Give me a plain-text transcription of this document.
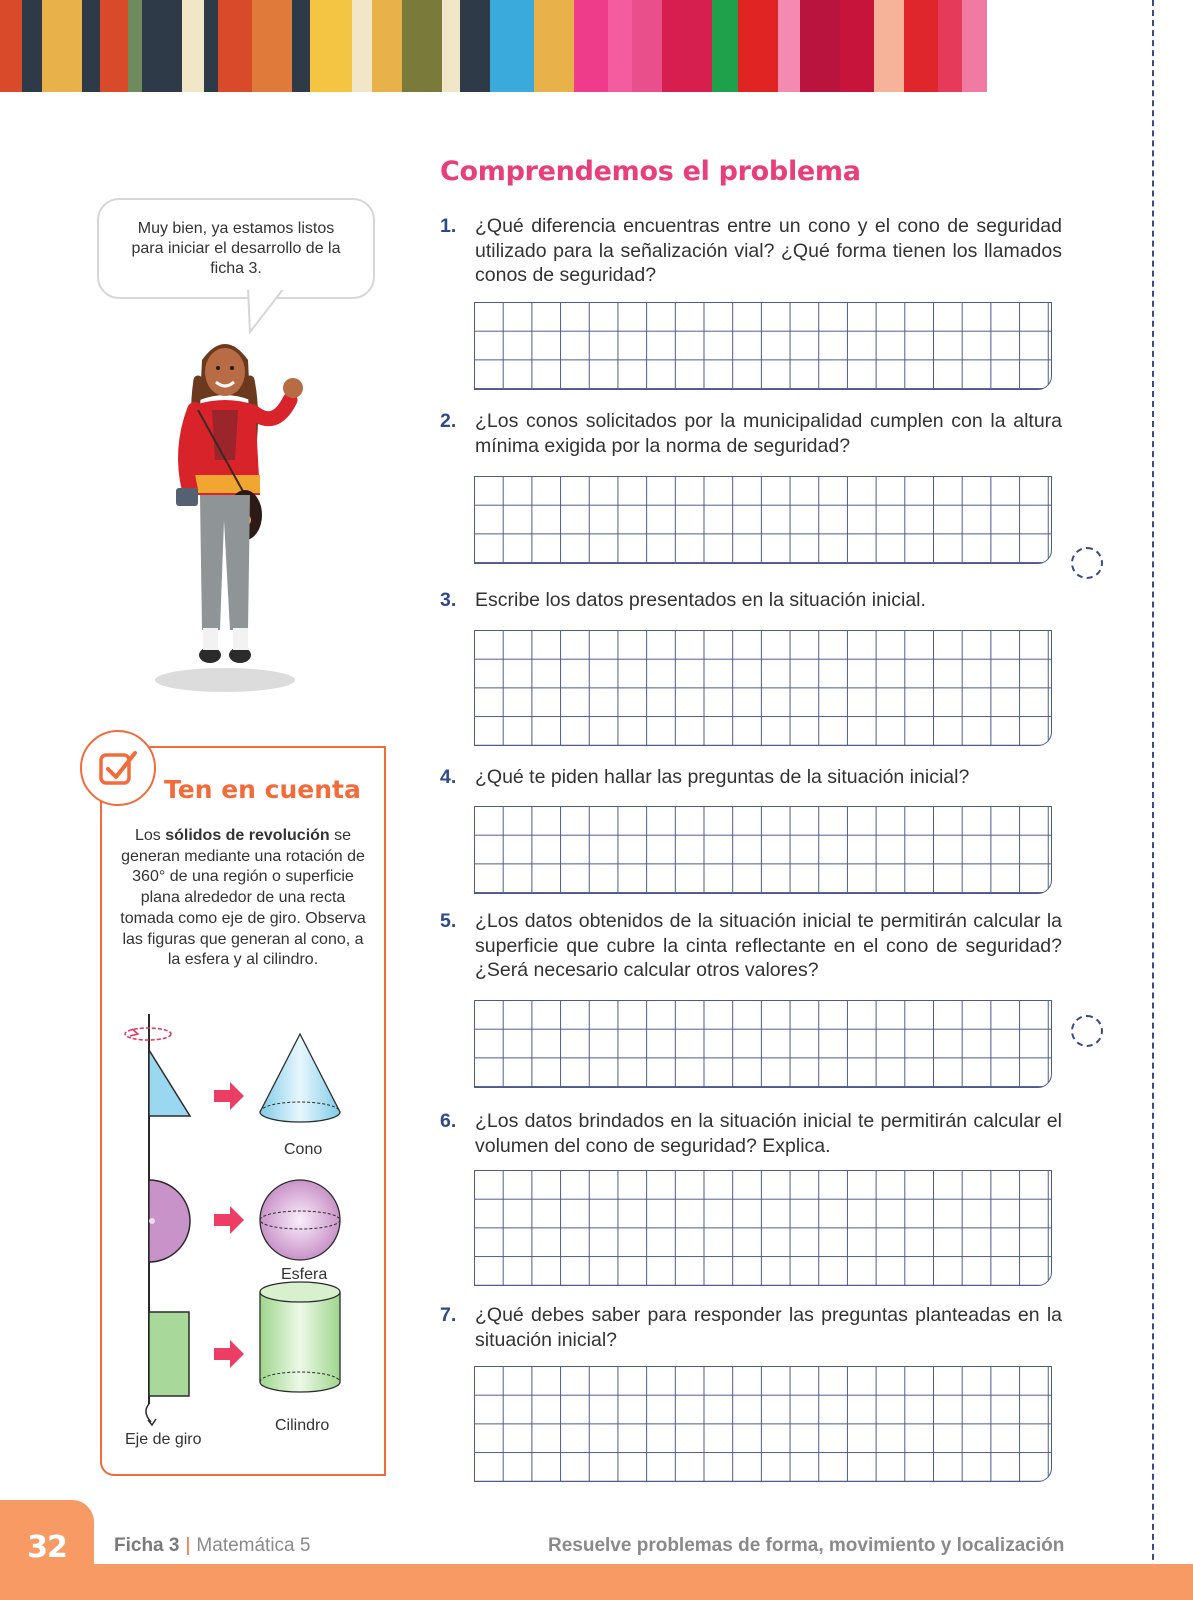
Comprendemos el problema
Muy bien, ya estamos listos para iniciar el desarrollo de la ficha 3.
1. ¿Qué diferencia encuentras entre un cono y el cono de seguridad utilizado para la señalización vial? ¿Qué forma tienen los llamados conos de seguridad?
2. ¿Los conos solicitados por la municipalidad cumplen con la altura mínima exigida por la norma de seguridad?
3. Escribe los datos presentados en la situación inicial.
4. ¿Qué te piden hallar las preguntas de la situación inicial?
5. ¿Los datos obtenidos de la situación inicial te permitirán calcular la superficie que cubre la cinta reflectante en el cono de seguridad? ¿Será necesario calcular otros valores?
6. ¿Los datos brindados en la situación inicial te permitirán calcular el volumen del cono de seguridad? Explica.
7. ¿Qué debes saber para responder las preguntas planteadas en la situación inicial?
Ten en cuenta
Los sólidos de revolución se generan mediante una rotación de 360° de una región o superficie plana alrededor de una recta tomada como eje de giro. Observa las figuras que generan al cono, a la esfera y al cilindro.
Cono
Esfera
Cilindro
Eje de giro
32	Ficha 3 | Matemática 5	Resuelve problemas de forma, movimiento y localización
